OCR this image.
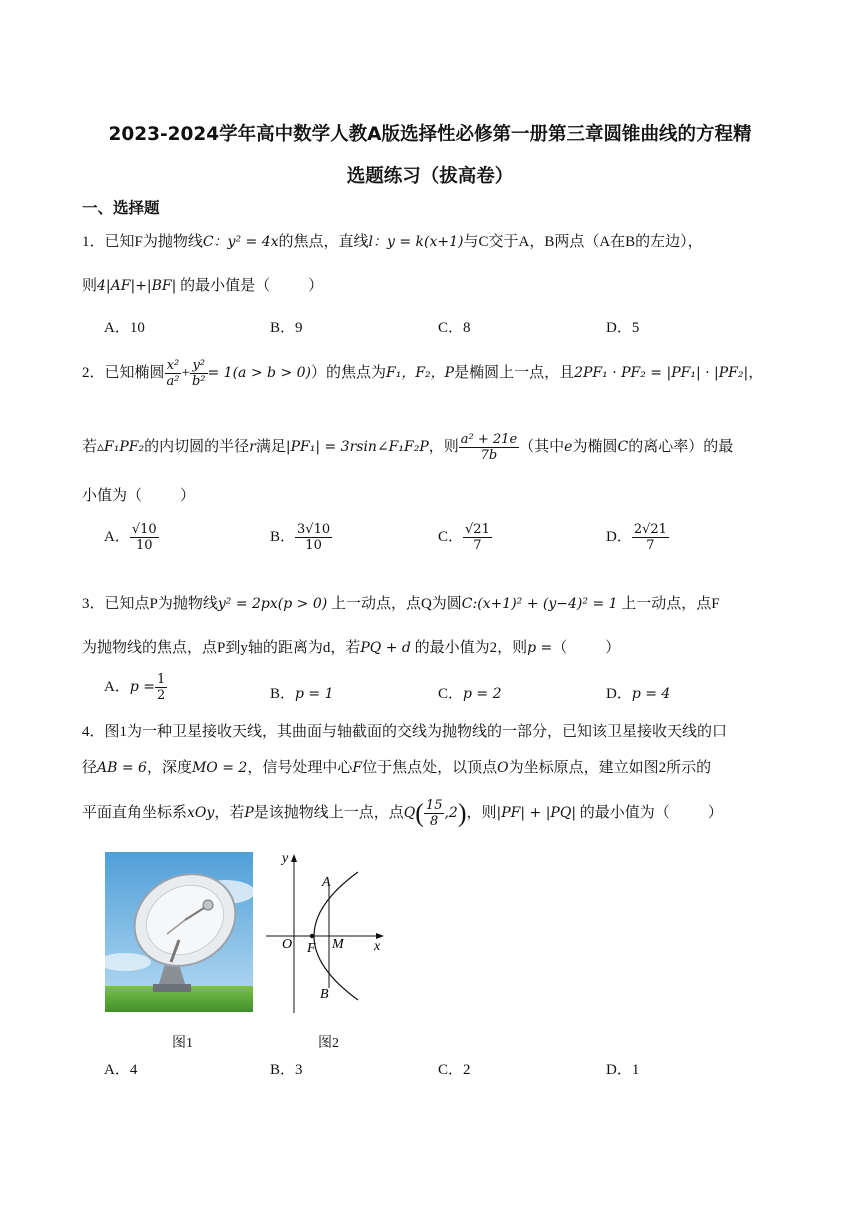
2023-2024学年高中数学人教A版选择性必修第一册第三章圆锥曲线的方程精
选题练习（拔高卷）
一、选择题
1．已知F为抛物线C：y² = 4x的焦点，直线l：y = k(x+1)与C交于A，B两点（A在B的左边），
则4|AF|+|BF| 的最小值是（	）
A．10	B．9	C．8	D．5
2．已知椭圆 $\frac{\text{x²}}{\text{a²}} + \frac{\text{y²}}{\text{b²}} = 1(a > b > 0)$）的焦点为F₁，F₂，P是椭圆上一点，且2PF₁ · PF₂ = |PF₁| · |PF₂|，
若▵F₁PF₂的内切圆的半径r满足|PF₁| = 3rsin∠F₁F₂P，则 $\frac{\text{a² + 21e}}{7b}$ （其中e为椭圆C的离心率）的最
小值为（	）
A． $\frac{√10}{10}$	B． $\frac{3√10}{10}$	C． $\frac{√21}{7}$	D． $\frac{2√21}{7}$
3．已知点P为抛物线y² = 2px(p > 0) 上一动点，点Q为圆C:(x+1)² + (y−4)² = 1 上一动点，点F
为抛物线的焦点，点P到y轴的距离为d，若PQ + d 的最小值为2，则p =（	）
A．$p = \frac{1}{2}$	B．p = 1	C．p = 2	D．p = 4
4．图1为一种卫星接收天线，其曲面与轴截面的交线为抛物线的一部分，已知该卫星接收天线的口
径AB = 6，深度MO = 2，信号处理中心F位于焦点处，以顶点O为坐标原点，建立如图2所示的
平面直角坐标系xOy，若P是该抛物线上一点，点$Q( \frac{15}{8} ,2)$，则|PF| + |PQ| 的最小值为（	）
图1
y
x
A
B
O F M
图2
A．4	B．3	C．2	D．1
